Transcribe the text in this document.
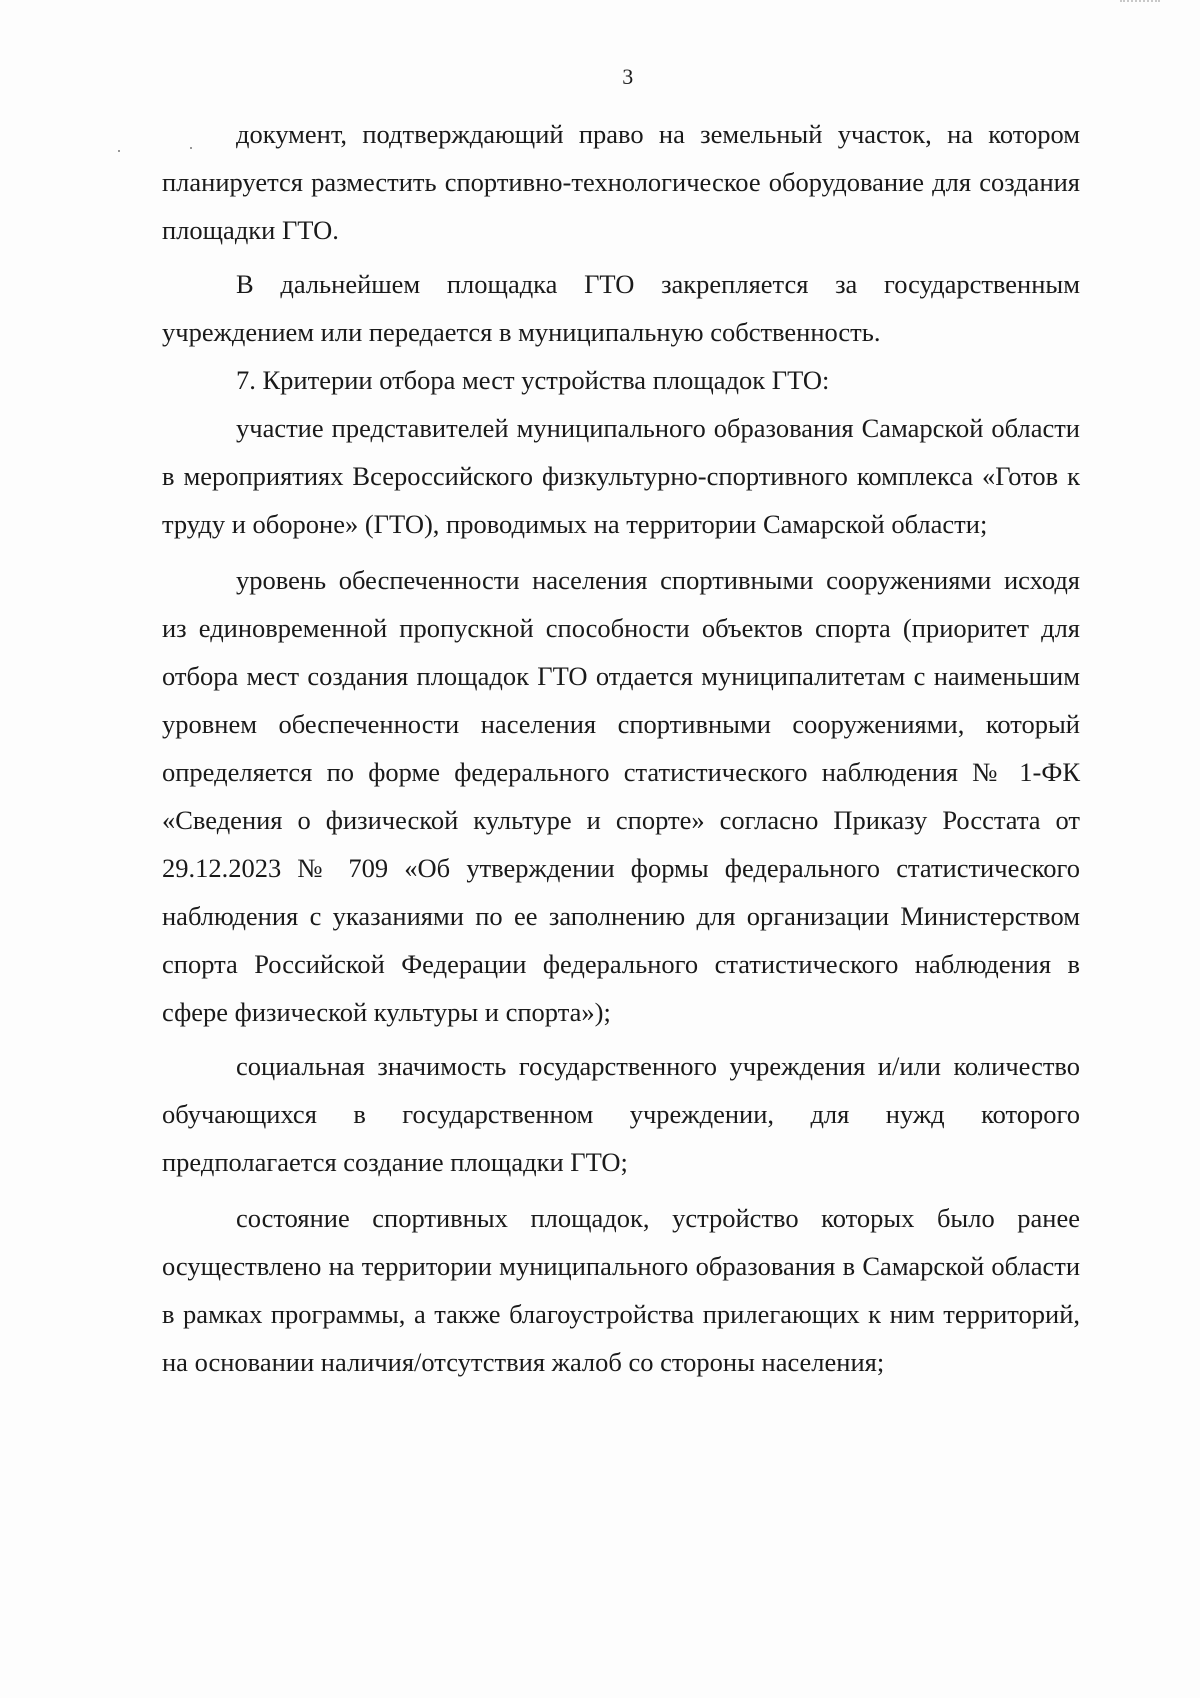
3

документ, подтверждающий право на земельный участок, на котором планируется разместить спортивно-технологическое оборудование для создания площадки ГТО.

В дальнейшем площадка ГТО закрепляется за государственным учреждением или передается в муниципальную собственность.

7. Критерии отбора мест устройства площадок ГТО:

участие представителей муниципального образования Самарской области в мероприятиях Всероссийского физкультурно-спортивного комплекса «Готов к труду и обороне» (ГТО), проводимых на территории Самарской области;

уровень обеспеченности населения спортивными сооружениями исходя из единовременной пропускной способности объектов спорта (приоритет для отбора мест создания площадок ГТО отдается муниципалитетам с наименьшим уровнем обеспеченности населения спортивными сооружениями, который определяется по форме федерального статистического наблюдения № 1-ФК «Сведения о физической культуре и спорте» согласно Приказу Росстата от 29.12.2023 № 709 «Об утверждении формы федерального статистического наблюдения с указаниями по ее заполнению для организации Министерством спорта Российской Федерации федерального статистического наблюдения в сфере физической культуры и спорта»);

социальная значимость государственного учреждения и/или количество обучающихся в государственном учреждении, для нужд которого предполагается создание площадки ГТО;

состояние спортивных площадок, устройство которых было ранее осуществлено на территории муниципального образования в Самарской области в рамках программы, а также благоустройства прилегающих к ним территорий, на основании наличия/отсутствия жалоб со стороны населения;
